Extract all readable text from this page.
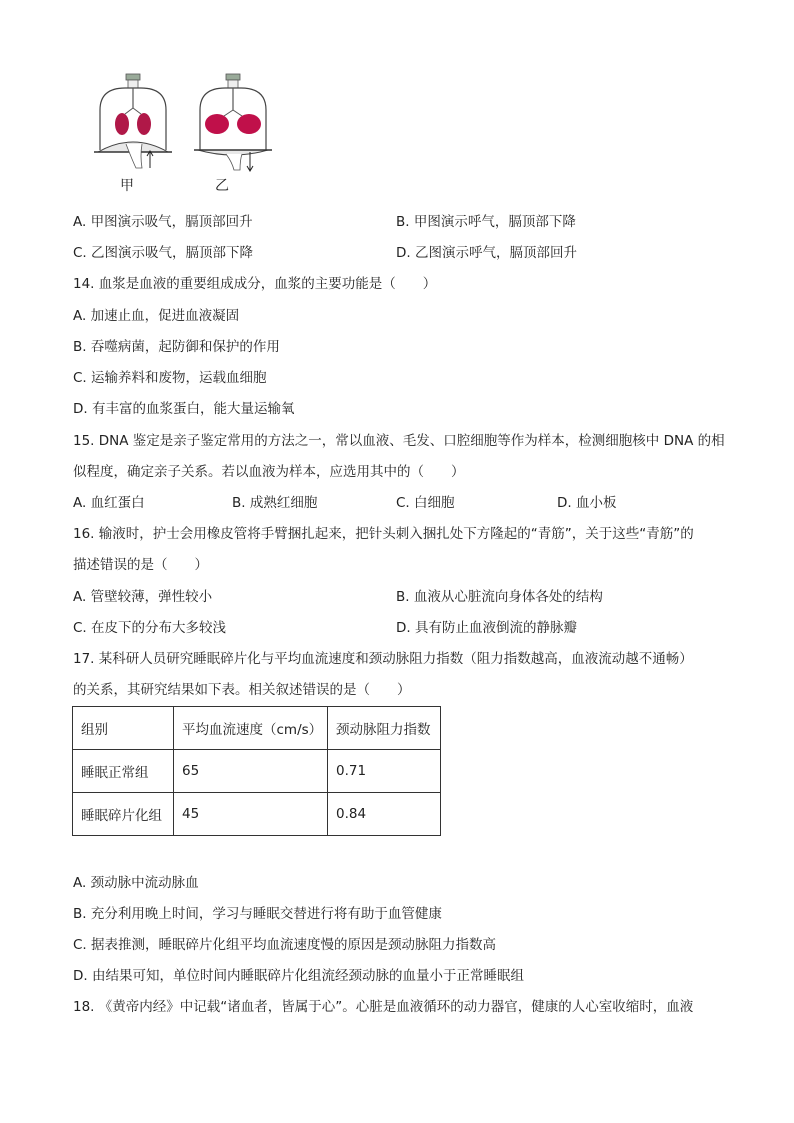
甲	乙
A. 甲图演示吸气，膈顶部回升	B. 甲图演示呼气，膈顶部下降
C. 乙图演示吸气，膈顶部下降	D. 乙图演示呼气，膈顶部回升
14. 血浆是血液的重要组成成分，血浆的主要功能是（　　）
A. 加速止血，促进血液凝固
B. 吞噬病菌，起防御和保护的作用
C. 运输养料和废物，运载血细胞
D. 有丰富的血浆蛋白，能大量运输氧
15. DNA 鉴定是亲子鉴定常用的方法之一，常以血液、毛发、口腔细胞等作为样本，检测细胞核中 DNA 的相
似程度，确定亲子关系。若以血液为样本，应选用其中的（　　）
A. 血红蛋白	B. 成熟红细胞	C. 白细胞	D. 血小板
16. 输液时，护士会用橡皮管将手臂捆扎起来，把针头刺入捆扎处下方隆起的“青筋”，关于这些“青筋”的
描述错误的是（　　）
A. 管壁较薄，弹性较小	B. 血液从心脏流向身体各处的结构
C. 在皮下的分布大多较浅	D. 具有防止血液倒流的静脉瓣
17. 某科研人员研究睡眠碎片化与平均血流速度和颈动脉阻力指数（阻力指数越高，血液流动越不通畅）
的关系，其研究结果如下表。相关叙述错误的是（　　）
组别	平均血流速度（cm/s）	颈动脉阻力指数
睡眠正常组	65	0.71
睡眠碎片化组	45	0.84
A. 颈动脉中流动脉血
B. 充分利用晚上时间，学习与睡眠交替进行将有助于血管健康
C. 据表推测，睡眠碎片化组平均血流速度慢的原因是颈动脉阻力指数高
D. 由结果可知，单位时间内睡眠碎片化组流经颈动脉的血量小于正常睡眠组
18. 《黄帝内经》中记载“诸血者，皆属于心”。心脏是血液循环的动力器官，健康的人心室收缩时，血液
